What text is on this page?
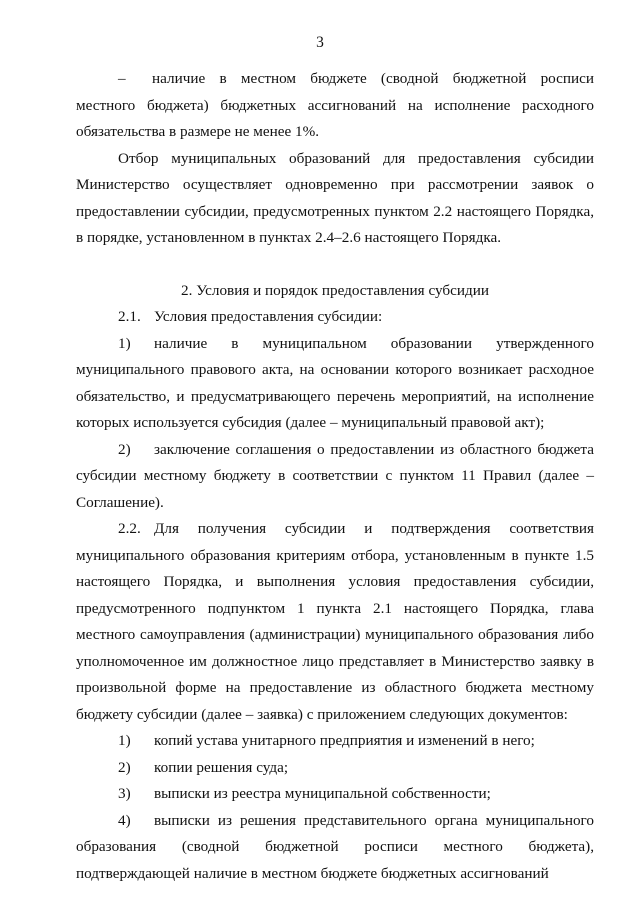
3

– наличие в местном бюджете (сводной бюджетной росписи местного бюджета) бюджетных ассигнований на исполнение расходного обязательства в размере не менее 1%.

Отбор муниципальных образований для предоставления субсидии Министерство осуществляет одновременно при рассмотрении заявок о предоставлении субсидии, предусмотренных пунктом 2.2 настоящего Порядка, в порядке, установленном в пунктах 2.4–2.6 настоящего Порядка.

2. Условия и порядок предоставления субсидии

2.1. Условия предоставления субсидии:

1) наличие в муниципальном образовании утвержденного муниципального правового акта, на основании которого возникает расходное обязательство, и предусматривающего перечень мероприятий, на исполнение которых используется субсидия (далее – муниципальный правовой акт);

2) заключение соглашения о предоставлении из областного бюджета субсидии местному бюджету в соответствии с пунктом 11 Правил (далее – Соглашение).

2.2. Для получения субсидии и подтверждения соответствия муниципального образования критериям отбора, установленным в пункте 1.5 настоящего Порядка, и выполнения условия предоставления субсидии, предусмотренного подпунктом 1 пункта 2.1 настоящего Порядка, глава местного самоуправления (администрации) муниципального образования либо уполномоченное им должностное лицо представляет в Министерство заявку в произвольной форме на предоставление из областного бюджета местному бюджету субсидии (далее – заявка) с приложением следующих документов:

1) копий устава унитарного предприятия и изменений в него;

2) копии решения суда;

3) выписки из реестра муниципальной собственности;

4) выписки из решения представительного органа муниципального образования (сводной бюджетной росписи местного бюджета), подтверждающей наличие в местном бюджете бюджетных ассигнований
